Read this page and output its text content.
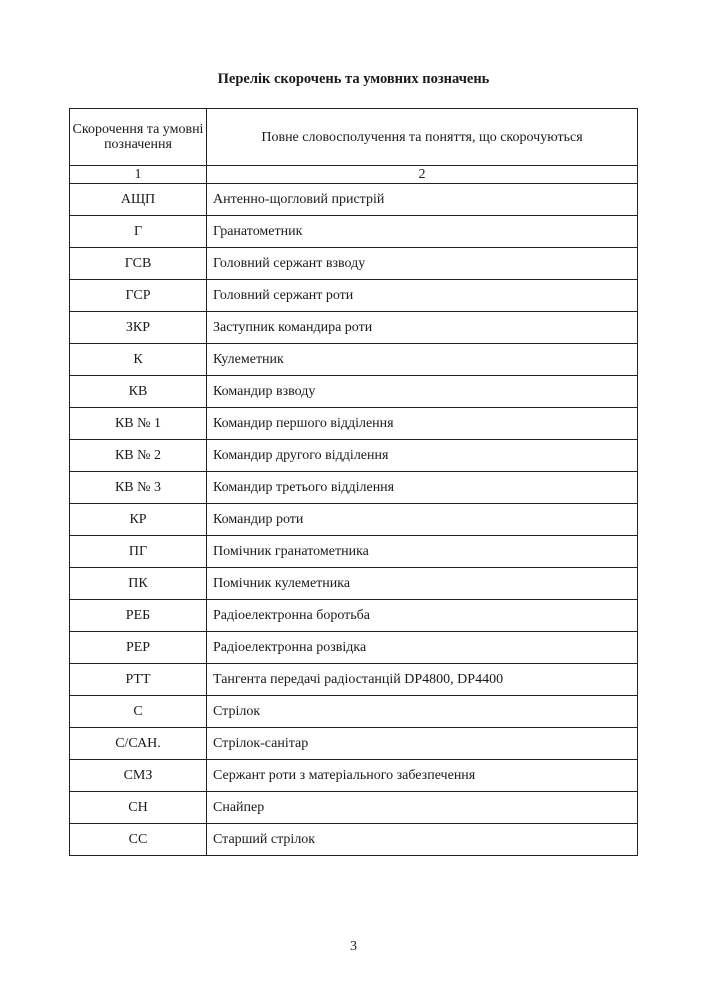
Перелік скорочень та умовних позначень
Скорочення та умовні позначення	Повне словосполучення та поняття, що скорочуються
1	2
АЩП	Антенно-щогловий пристрій
Г	Гранатометник
ГСВ	Головний сержант взводу
ГСР	Головний сержант роти
ЗКР	Заступник командира роти
К	Кулеметник
КВ	Командир взводу
КВ № 1	Командир першого відділення
КВ № 2	Командир другого відділення
КВ № 3	Командир третього відділення
КР	Командир роти
ПГ	Помічник гранатометника
ПК	Помічник кулеметника
РЕБ	Радіоелектронна боротьба
РЕР	Радіоелектронна розвідка
РТТ	Тангента передачі радіостанцій DP4800, DP4400
С	Стрілок
С/САН.	Стрілок-санітар
СМЗ	Сержант роти з матеріального забезпечення
СН	Снайпер
СС	Старший стрілок
3
